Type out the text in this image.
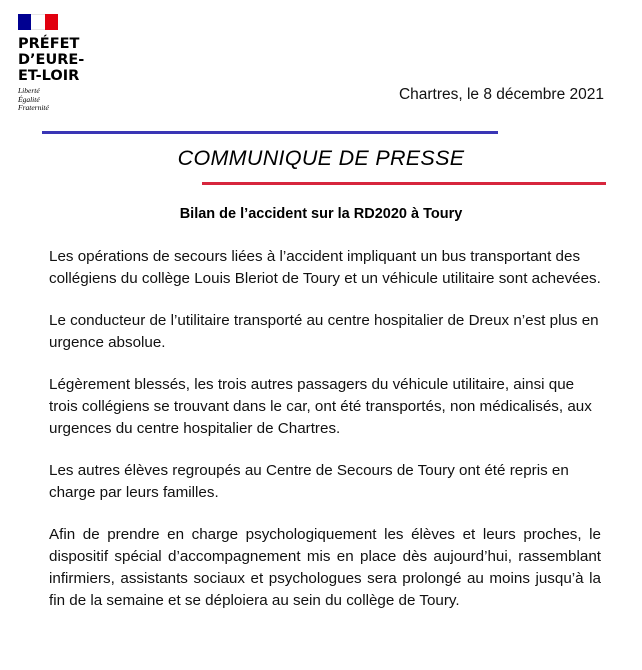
PRÉFET
D’EURE-
ET-LOIR
Liberté
Égalité
Fraternité
Chartres, le 8 décembre 2021
COMMUNIQUE DE PRESSE
Bilan de l’accident sur la RD2020 à Toury

Les opérations de secours liées à l’accident impliquant un bus transportant des collégiens du collège Louis Bleriot de Toury et un véhicule utilitaire sont achevées.

Le conducteur de l’utilitaire transporté au centre hospitalier de Dreux n’est plus en urgence absolue.

Légèrement blessés, les trois autres passagers du véhicule utilitaire, ainsi que trois collégiens se trouvant dans le car, ont été transportés, non médicalisés, aux urgences du centre hospitalier de Chartres.

Les autres élèves regroupés au Centre de Secours de Toury ont été repris en charge par leurs familles.

Afin de prendre en charge psychologiquement les élèves et leurs proches, le dispositif spécial d’accompagnement mis en place dès aujourd’hui, rassemblant infirmiers, assistants sociaux et psychologues sera prolongé au moins jusqu’à la fin de la semaine et se déploiera au sein du collège de Toury.
